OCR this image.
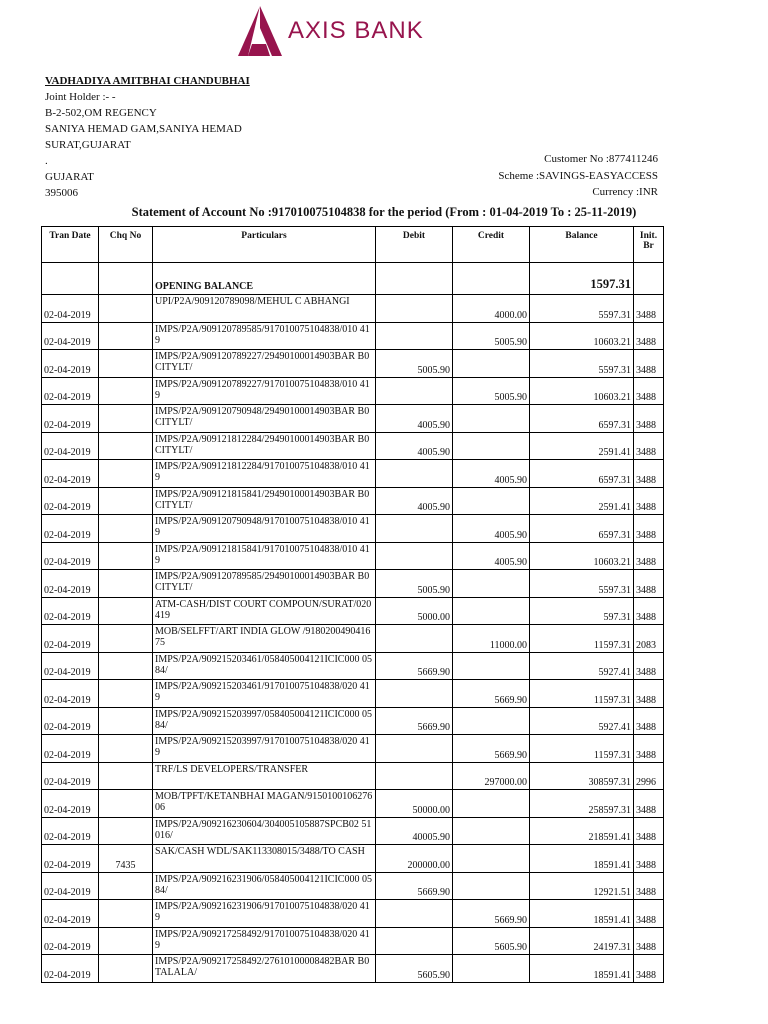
AXIS BANK
VADHADIYA AMITBHAI CHANDUBHAI
Joint Holder :- -
B-2-502,OM REGENCY
SANIYA HEMAD GAM,SANIYA HEMAD
SURAT,GUJARAT
.
GUJARAT
395006
Customer No :877411246
Scheme :SAVINGS-EASYACCESS
Currency :INR
Statement of Account No :917010075104838 for the period (From : 01-04-2019 To : 25-11-2019)
Tran Date	Chq No	Particulars	Debit	Credit	Balance	Init. Br
		OPENING BALANCE			1597.31	
02-04-2019		UPI/P2A/909120789098/MEHUL C ABHANGI		4000.00	5597.31	3488
02-04-2019		IMPS/P2A/909120789585/917010075104838/010 419		5005.90	10603.21	3488
02-04-2019		IMPS/P2A/909120789227/29490100014903BAR B0CITYLT/	5005.90		5597.31	3488
02-04-2019		IMPS/P2A/909120789227/917010075104838/010 419		5005.90	10603.21	3488
02-04-2019		IMPS/P2A/909120790948/29490100014903BAR B0CITYLT/	4005.90		6597.31	3488
02-04-2019		IMPS/P2A/909121812284/29490100014903BAR B0CITYLT/	4005.90		2591.41	3488
02-04-2019		IMPS/P2A/909121812284/917010075104838/010 419		4005.90	6597.31	3488
02-04-2019		IMPS/P2A/909121815841/29490100014903BAR B0CITYLT/	4005.90		2591.41	3488
02-04-2019		IMPS/P2A/909120790948/917010075104838/010 419		4005.90	6597.31	3488
02-04-2019		IMPS/P2A/909121815841/917010075104838/010 419		4005.90	10603.21	3488
02-04-2019		IMPS/P2A/909120789585/29490100014903BAR B0CITYLT/	5005.90		5597.31	3488
02-04-2019		ATM-CASH/DIST COURT COMPOUN/SURAT/020419	5000.00		597.31	3488
02-04-2019		MOB/SELFFT/ART INDIA GLOW /918020049041675		11000.00	11597.31	2083
02-04-2019		IMPS/P2A/909215203461/058405004121ICIC000 0584/	5669.90		5927.41	3488
02-04-2019		IMPS/P2A/909215203461/917010075104838/020 419		5669.90	11597.31	3488
02-04-2019		IMPS/P2A/909215203997/058405004121ICIC000 0584/	5669.90		5927.41	3488
02-04-2019		IMPS/P2A/909215203997/917010075104838/020 419		5669.90	11597.31	3488
02-04-2019		TRF/LS DEVELOPERS/TRANSFER		297000.00	308597.31	2996
02-04-2019		MOB/TPFT/KETANBHAI MAGAN/915010010627606	50000.00		258597.31	3488
02-04-2019		IMPS/P2A/909216230604/304005105887SPCB02 51016/	40005.90		218591.41	3488
02-04-2019	7435	SAK/CASH WDL/SAK113308015/3488/TO CASH	200000.00		18591.41	3488
02-04-2019		IMPS/P2A/909216231906/058405004121ICIC000 0584/	5669.90		12921.51	3488
02-04-2019		IMPS/P2A/909216231906/917010075104838/020 419		5669.90	18591.41	3488
02-04-2019		IMPS/P2A/909217258492/917010075104838/020 419		5605.90	24197.31	3488
02-04-2019		IMPS/P2A/909217258492/27610100008482BAR B0TALALA/	5605.90		18591.41	3488
